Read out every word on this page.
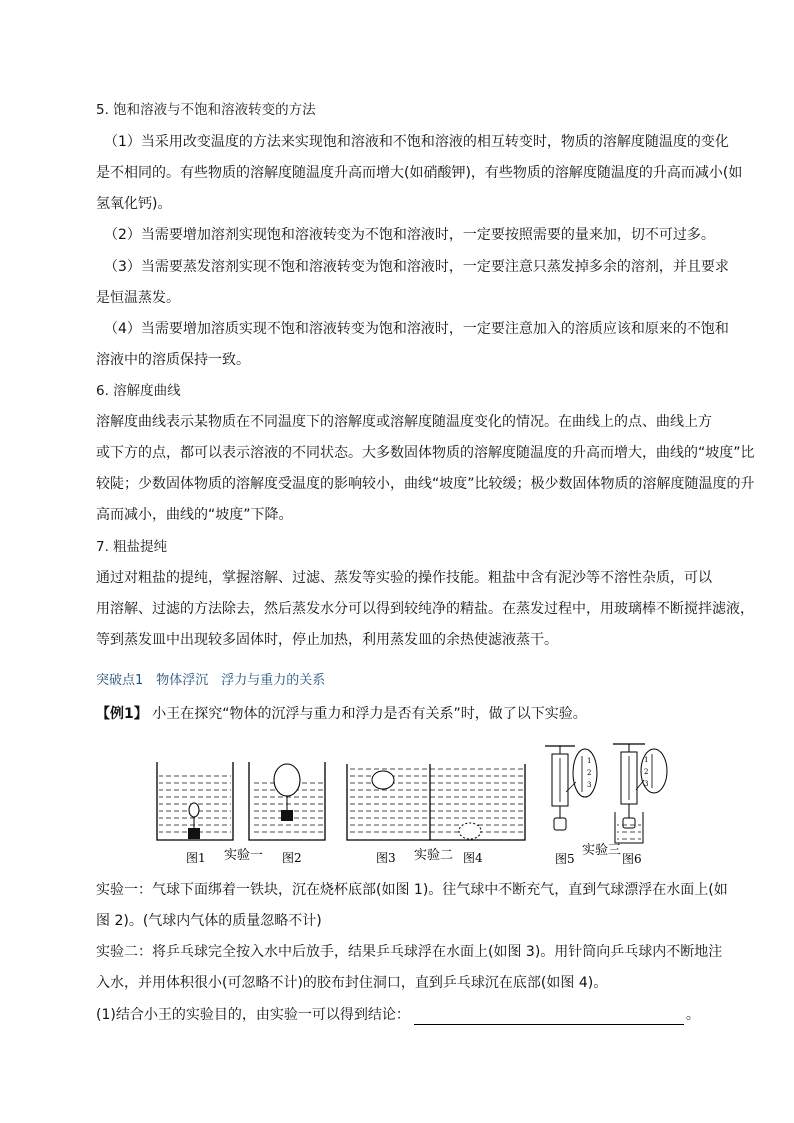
5. 饱和溶液与不饱和溶液转变的方法
（1）当采用改变温度的方法来实现饱和溶液和不饱和溶液的相互转变时，物质的溶解度随温度的变化
是不相同的。有些物质的溶解度随温度升高而增大(如硝酸钾)，有些物质的溶解度随温度的升高而减小(如
氢氧化钙)。
（2）当需要增加溶剂实现饱和溶液转变为不饱和溶液时，一定要按照需要的量来加，切不可过多。
（3）当需要蒸发溶剂实现不饱和溶液转变为饱和溶液时，一定要注意只蒸发掉多余的溶剂，并且要求
是恒温蒸发。
（4）当需要增加溶质实现不饱和溶液转变为饱和溶液时，一定要注意加入的溶质应该和原来的不饱和
溶液中的溶质保持一致。
6. 溶解度曲线
溶解度曲线表示某物质在不同温度下的溶解度或溶解度随温度变化的情况。在曲线上的点、曲线上方
或下方的点，都可以表示溶液的不同状态。大多数固体物质的溶解度随温度的升高而增大，曲线的“坡度”比
较陡；少数固体物质的溶解度受温度的影响较小，曲线“坡度”比较缓；极少数固体物质的溶解度随温度的升
高而减小，曲线的“坡度”下降。
7. 粗盐提纯
通过对粗盐的提纯，掌握溶解、过滤、蒸发等实验的操作技能。粗盐中含有泥沙等不溶性杂质，可以
用溶解、过滤的方法除去，然后蒸发水分可以得到较纯净的精盐。在蒸发过程中，用玻璃棒不断搅拌滤液，
等到蒸发皿中出现较多固体时，停止加热，利用蒸发皿的余热使滤液蒸干。
突破点1　物体浮沉　浮力与重力的关系
【例1】 小王在探究“物体的沉浮与重力和浮力是否有关系”时，做了以下实验。
1
2
3
1
2
3
图1 实验一 图2	图3 实验二 图4	图5
实验三
图6
实验一：气球下面绑着一铁块，沉在烧杯底部(如图 1)。往气球中不断充气，直到气球漂浮在水面上(如
图 2)。(气球内气体的质量忽略不计)
实验二：将乒乓球完全按入水中后放手，结果乒乓球浮在水面上(如图 3)。用针筒向乒乓球内不断地注
入水，并用体积很小(可忽略不计)的胶布封住洞口，直到乒乓球沉在底部(如图 4)。
(1)结合小王的实验目的，由实验一可以得到结论：	。
